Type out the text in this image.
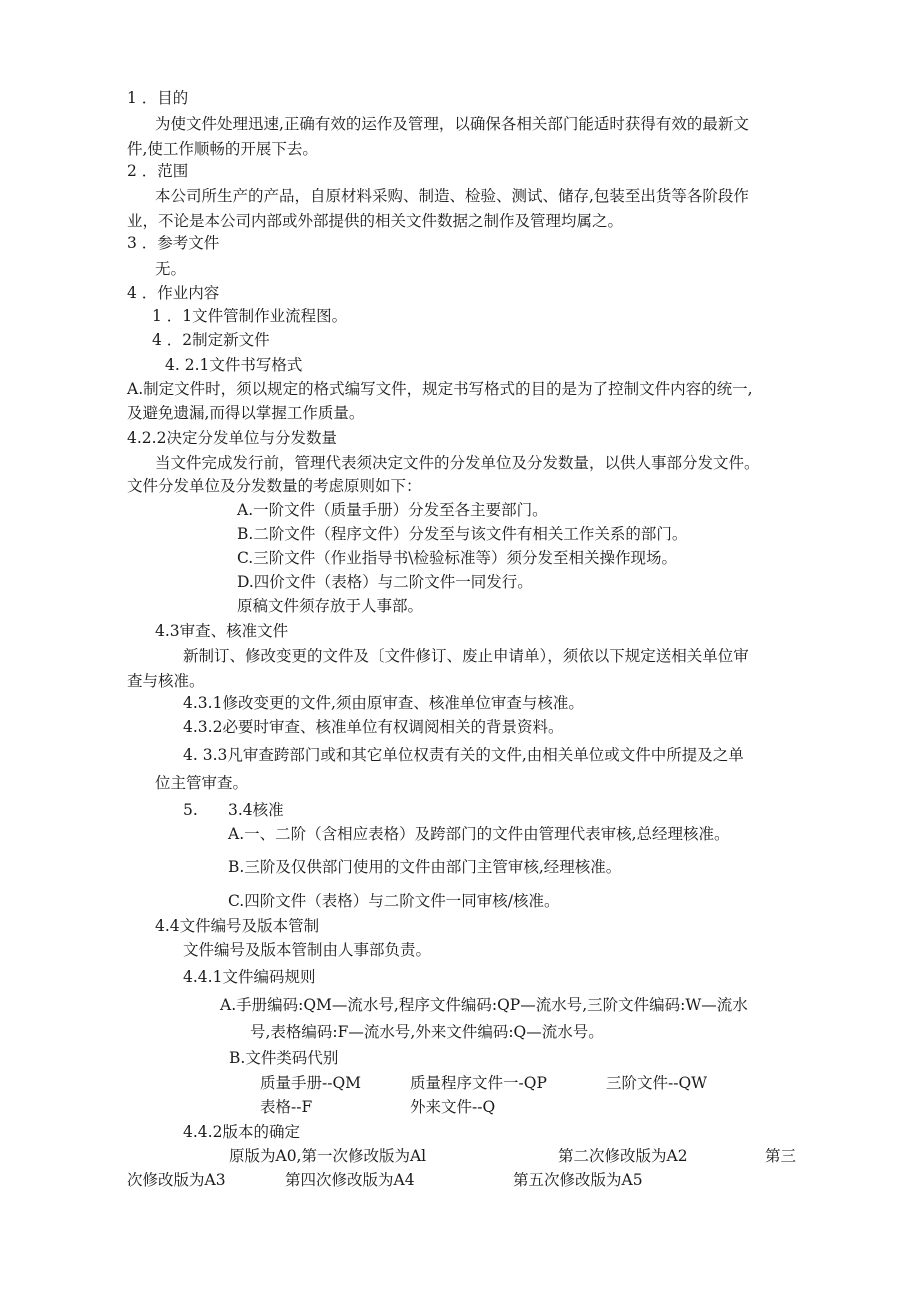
1 ．目的
为使文件处理迅速,正确有效的运作及管理，以确保各相关部门能适时获得有效的最新文
件,使工作顺畅的开展下去。
2 ．范围
本公司所生产的产品，自原材料采购、制造、检验、测试、储存,包装至出货等各阶段作
业，不论是本公司内部或外部提供的相关文件数据之制作及管理均属之。
3 ．参考文件
无。
4 ．作业内容
1 ．1文件管制作业流程图。
4 ．2制定新文件
4. 2.1文件书写格式
A.制定文件时，须以规定的格式编写文件，规定书写格式的目的是为了控制文件内容的统一,
及避免遗漏,而得以掌握工作质量。
4.2.2决定分发单位与分发数量
当文件完成发行前，管理代表须决定文件的分发单位及分发数量，以供人事部分发文件。
文件分发单位及分发数量的考虑原则如下：
A.一阶文件（质量手册）分发至各主要部门。
B.二阶文件（程序文件）分发至与该文件有相关工作关系的部门。
C.三阶文件（作业指导书\检验标准等）须分发至相关操作现场。
D.四价文件（表格）与二阶文件一同发行。
原稿文件须存放于人事部。
4.3审查、核准文件
新制订、修改变更的文件及〔文件修订、废止申请单），须依以下规定送相关单位审
查与核准。
4.3.1修改变更的文件,须由原审查、核准单位审查与核准。
4.3.2必要时审查、核准单位有权调阅相关的背景资料。
4. 3.3凡审查跨部门或和其它单位权责有关的文件,由相关单位或文件中所提及之单
位主管审查。
5. 3.4核准
A.一、二阶（含相应表格）及跨部门的文件由管理代表审核,总经理核准。
B.三阶及仅供部门使用的文件由部门主管审核,经理核准。
C.四阶文件（表格）与二阶文件一同审核/核准。
4.4文件编号及版本管制
文件编号及版本管制由人事部负责。
4.4.1文件编码规则
A.手册编码:QM—流水号,程序文件编码:QP—流水号,三阶文件编码:W—流水
号,表格编码:F—流水号,外来文件编码:Q—流水号。
B.文件类码代别
质量手册--QM	质量程序文件一-QP	三阶文件--QW
表格--F	外来文件--Q
4.4.2版本的确定
原版为A0,第一次修改版为Al	第二次修改版为A2	第三
次修改版为A3	第四次修改版为A4	第五次修改版为A5
